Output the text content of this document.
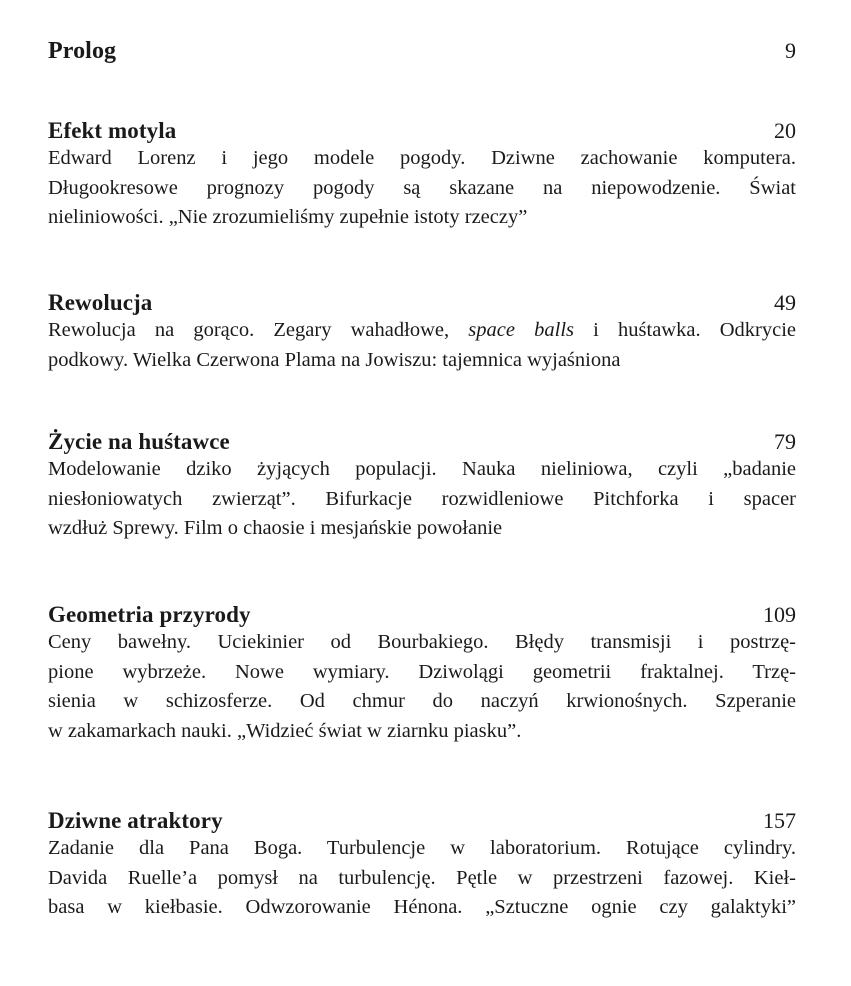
Prolog	9
Efekt motyla	20
Edward Lorenz i jego modele pogody. Dziwne zachowanie komputera.
Długookresowe prognozy pogody są skazane na niepowodzenie. Świat
nieliniowości. „Nie zrozumieliśmy zupełnie istoty rzeczy”
Rewolucja	49
Rewolucja na gorąco. Zegary wahadłowe, space balls i huśtawka. Odkrycie
podkowy. Wielka Czerwona Plama na Jowiszu: tajemnica wyjaśniona
Życie na huśtawce	79
Modelowanie dziko żyjących populacji. Nauka nieliniowa, czyli „badanie
niesłoniowatych zwierząt”. Bifurkacje rozwidleniowe Pitchforka i spacer
wzdłuż Sprewy. Film o chaosie i mesjańskie powołanie
Geometria przyrody	109
Ceny bawełny. Uciekinier od Bourbakiego. Błędy transmisji i postrzę-
pione wybrzeże. Nowe wymiary. Dziwolągi geometrii fraktalnej. Trzę-
sienia w schizosferze. Od chmur do naczyń krwionośnych. Szperanie
w zakamarkach nauki. „Widzieć świat w ziarnku piasku”.
Dziwne atraktory	157
Zadanie dla Pana Boga. Turbulencje w laboratorium. Rotujące cylindry.
Davida Ruelle’a pomysł na turbulencję. Pętle w przestrzeni fazowej. Kieł-
basa w kiełbasie. Odwzorowanie Hénona. „Sztuczne ognie czy galaktyki”
